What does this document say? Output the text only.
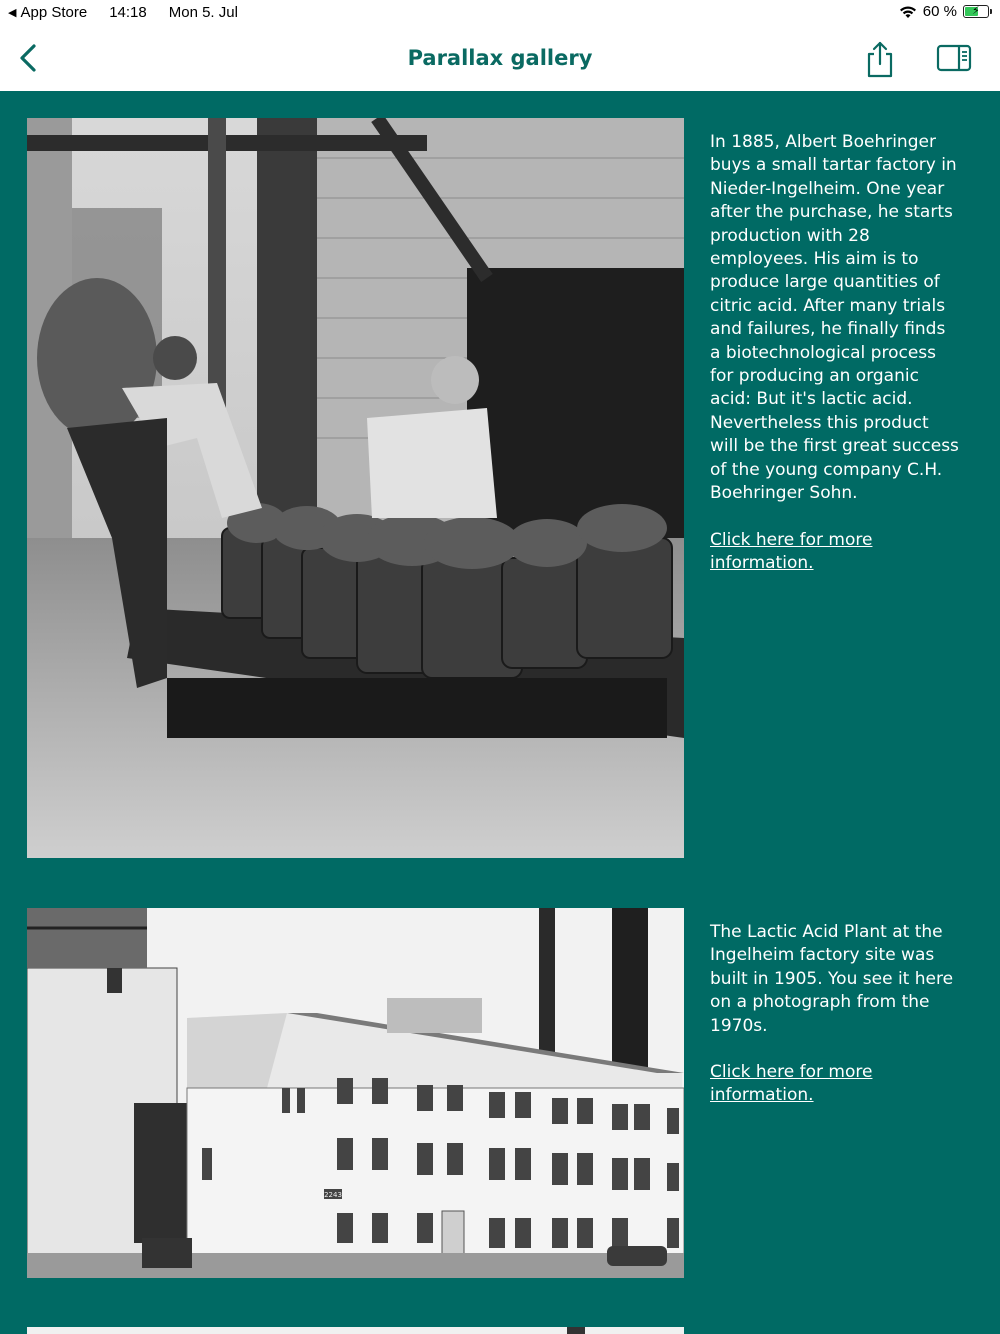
◀ App Store 14:18 Mon 5. Jul	60 % ⚡
Parallax gallery

In 1885, Albert Boehringer buys a small tartar factory in Nieder-Ingelheim. One year after the purchase, he starts production with 28 employees. His aim is to produce large quantities of citric acid. After many trials and failures, he finally finds a biotechnological process for producing an organic acid: But it's lactic acid. Nevertheless this product will be the first great success of the young company C.H. Boehringer Sohn.

Click here for more information.
2243

The Lactic Acid Plant at the Ingelheim factory site was built in 1905. You see it here on a photograph from the 1970s.

Click here for more information.
